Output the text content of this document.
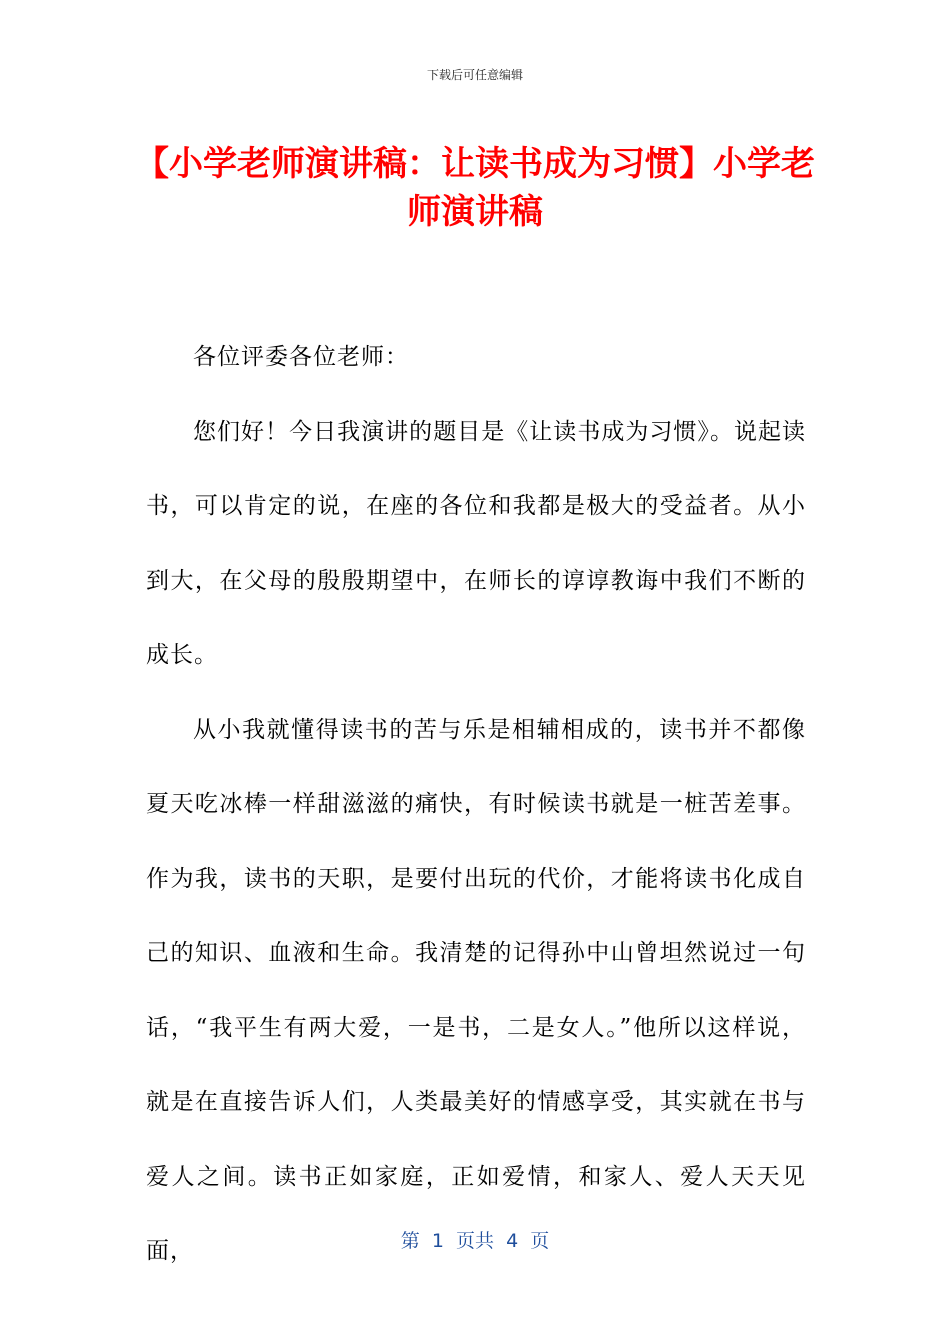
下载后可任意编辑
【小学老师演讲稿：让读书成为习惯】小学老师演讲稿

各位评委各位老师：

您们好！今日我演讲的题目是《让读书成为习惯》。说起读书，可以肯定的说，在座的各位和我都是极大的受益者。从小到大，在父母的殷殷期望中，在师长的谆谆教诲中我们不断的成长。

从小我就懂得读书的苦与乐是相辅相成的，读书并不都像夏天吃冰棒一样甜滋滋的痛快，有时候读书就是一桩苦差事。作为我，读书的天职，是要付出玩的代价，才能将读书化成自己的知识、血液和生命。我清楚的记得孙中山曾坦然说过一句话，“我平生有两大爱，一是书，二是女人。”他所以这样说，就是在直接告诉人们，人类最美好的情感享受，其实就在书与爱人之间。读书正如家庭，正如爱情，和家人、爱人天天见面，	第  1  页共  4  页
